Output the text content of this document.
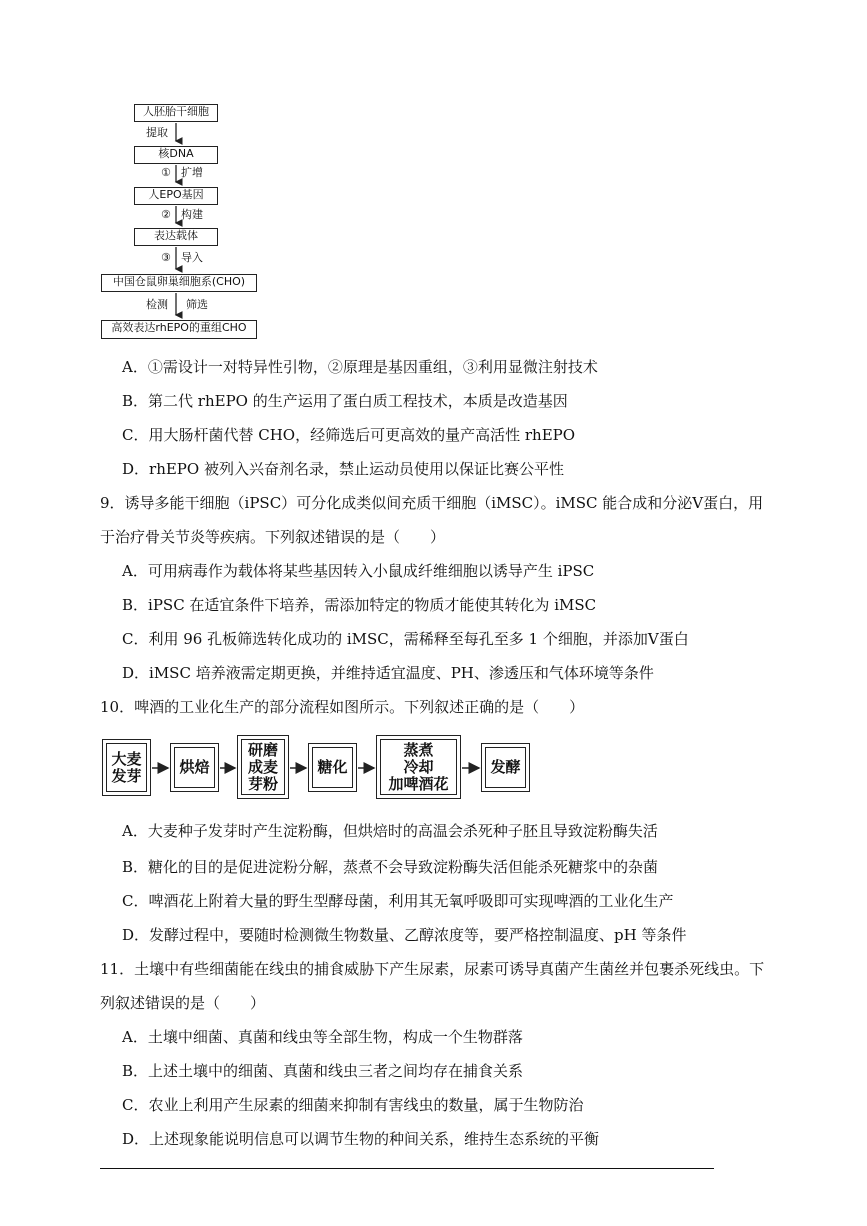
人胚胎干细胞
核DNA
人EPO基因
表达载体
中国仓鼠卵巢细胞系(CHO)
高效表达rhEPO的重组CHO
提取
① 扩增
② 构建
③ 导入
检测 筛选
A．①需设计一对特异性引物，②原理是基因重组，③利用显微注射技术
B．第二代 rhEPO 的生产运用了蛋白质工程技术，本质是改造基因
C．用大肠杆菌代替 CHO，经筛选后可更高效的量产高活性 rhEPO
D．rhEPO 被列入兴奋剂名录，禁止运动员使用以保证比赛公平性
9．诱导多能干细胞（iPSC）可分化成类似间充质干细胞（iMSC）。iMSC 能合成和分泌Ⅴ蛋白，用
于治疗骨关节炎等疾病。下列叙述错误的是（　　）
A．可用病毒作为载体将某些基因转入小鼠成纤维细胞以诱导产生 iPSC
B．iPSC 在适宜条件下培养，需添加特定的物质才能使其转化为 iMSC
C．利用 96 孔板筛选转化成功的 iMSC，需稀释至每孔至多 1 个细胞，并添加Ⅴ蛋白
D．iMSC 培养液需定期更换，并维持适宜温度、PH、渗透压和气体环境等条件
10．啤酒的工业化生产的部分流程如图所示。下列叙述正确的是（　　）
大麦
发芽	烘焙
研磨
成麦
芽粉
糖化
蒸煮
冷却
加啤酒花
发酵
A．大麦种子发芽时产生淀粉酶，但烘焙时的高温会杀死种子胚且导致淀粉酶失活
B．糖化的目的是促进淀粉分解，蒸煮不会导致淀粉酶失活但能杀死糖浆中的杂菌
C．啤酒花上附着大量的野生型酵母菌，利用其无氧呼吸即可实现啤酒的工业化生产
D．发酵过程中，要随时检测微生物数量、乙醇浓度等，要严格控制温度、pH 等条件
11．土壤中有些细菌能在线虫的捕食威胁下产生尿素，尿素可诱导真菌产生菌丝并包裹杀死线虫。下
列叙述错误的是（　　）
A．土壤中细菌、真菌和线虫等全部生物，构成一个生物群落
B．上述土壤中的细菌、真菌和线虫三者之间均存在捕食关系
C．农业上利用产生尿素的细菌来抑制有害线虫的数量，属于生物防治
D．上述现象能说明信息可以调节生物的种间关系，维持生态系统的平衡
